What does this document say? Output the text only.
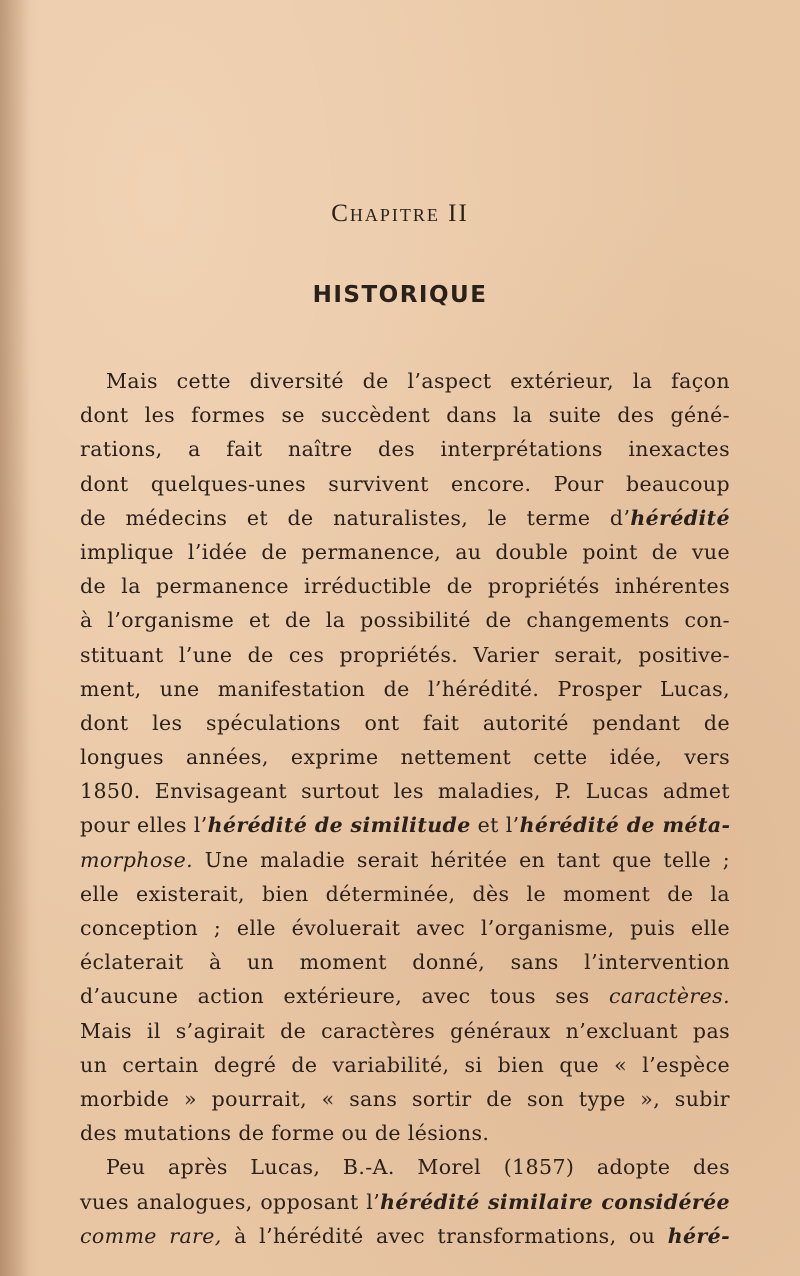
Chapitre II
HISTORIQUE
Mais cette diversité de l’aspect extérieur, la façon
dont les formes se succèdent dans la suite des géné-
rations, a fait naître des interprétations inexactes
dont quelques-unes survivent encore. Pour beaucoup
de médecins et de naturalistes, le terme d’hérédité
implique l’idée de permanence, au double point de vue
de la permanence irréductible de propriétés inhérentes
à l’organisme et de la possibilité de changements con-
stituant l’une de ces propriétés. Varier serait, positive-
ment, une manifestation de l’hérédité. Prosper Lucas,
dont les spéculations ont fait autorité pendant de
longues années, exprime nettement cette idée, vers
1850. Envisageant surtout les maladies, P. Lucas admet
pour elles l’hérédité de similitude et l’hérédité de méta-
morphose. Une maladie serait héritée en tant que telle ;
elle existerait, bien déterminée, dès le moment de la
conception ; elle évoluerait avec l’organisme, puis elle
éclaterait à un moment donné, sans l’intervention
d’aucune action extérieure, avec tous ses caractères.
Mais il s’agirait de caractères généraux n’excluant pas
un certain degré de variabilité, si bien que « l’espèce
morbide » pourrait, « sans sortir de son type », subir
des mutations de forme ou de lésions.
Peu après Lucas, B.-A. Morel (1857) adopte des
vues analogues, opposant l’hérédité similaire considérée
comme rare, à l’hérédité avec transformations, ou héré-
